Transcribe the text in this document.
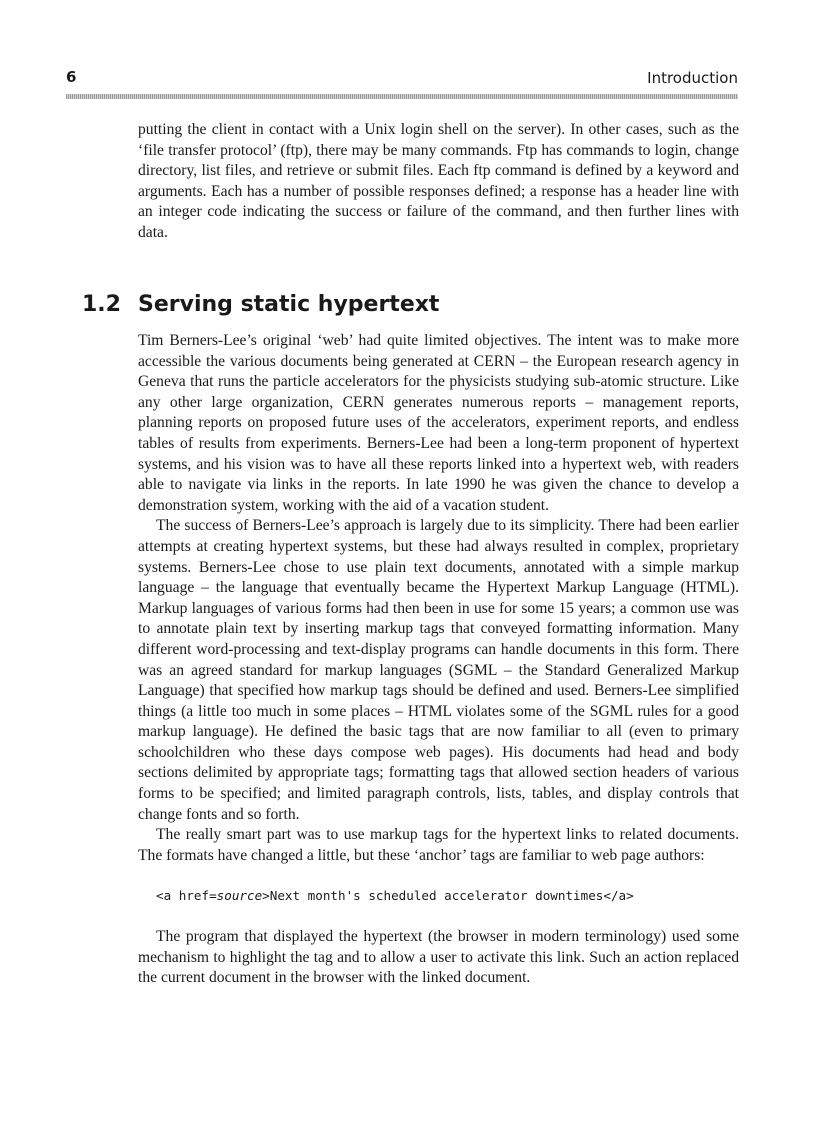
6	Introduction

putting the client in contact with a Unix login shell on the server). In other cases, such as the ‘file transfer protocol’ (ftp), there may be many commands. Ftp has commands to login, change directory, list files, and retrieve or submit files. Each ftp command is defined by a keyword and arguments. Each has a number of possible responses defined; a response has a header line with an integer code indicating the success or failure of the command, and then further lines with data.

1.2 Serving static hypertext

Tim Berners-Lee’s original ‘web’ had quite limited objectives. The intent was to make more accessible the various documents being generated at CERN – the European research agency in Geneva that runs the particle accelerators for the physicists studying sub-atomic structure. Like any other large organization, CERN generates numerous reports – management reports, planning reports on proposed future uses of the accelerators, experiment reports, and endless tables of results from experiments. Berners-Lee had been a long-term proponent of hypertext systems, and his vision was to have all these reports linked into a hypertext web, with readers able to navigate via links in the reports. In late 1990 he was given the chance to develop a demonstration system, working with the aid of a vacation student.

The success of Berners-Lee’s approach is largely due to its simplicity. There had been earlier attempts at creating hypertext systems, but these had always resulted in complex, proprietary systems. Berners-Lee chose to use plain text documents, annotated with a simple markup language – the language that eventually became the Hypertext Markup Language (HTML). Markup languages of various forms had then been in use for some 15 years; a common use was to annotate plain text by inserting markup tags that conveyed formatting information. Many different word-processing and text-display programs can handle documents in this form. There was an agreed standard for markup languages (SGML – the Standard Generalized Markup Language) that specified how markup tags should be defined and used. Berners-Lee simplified things (a little too much in some places – HTML violates some of the SGML rules for a good markup language). He defined the basic tags that are now familiar to all (even to primary schoolchildren who these days compose web pages). His documents had head and body sections delimited by appropriate tags; formatting tags that allowed section headers of various forms to be specified; and limited paragraph controls, lists, tables, and display controls that change fonts and so forth.

The really smart part was to use markup tags for the hypertext links to related documents. The formats have changed a little, but these ‘anchor’ tags are familiar to web page authors:

<a href=source>Next month's scheduled accelerator downtimes</a>

The program that displayed the hypertext (the browser in modern terminology) used some mechanism to highlight the tag and to allow a user to activate this link. Such an action replaced the current document in the browser with the linked document.
